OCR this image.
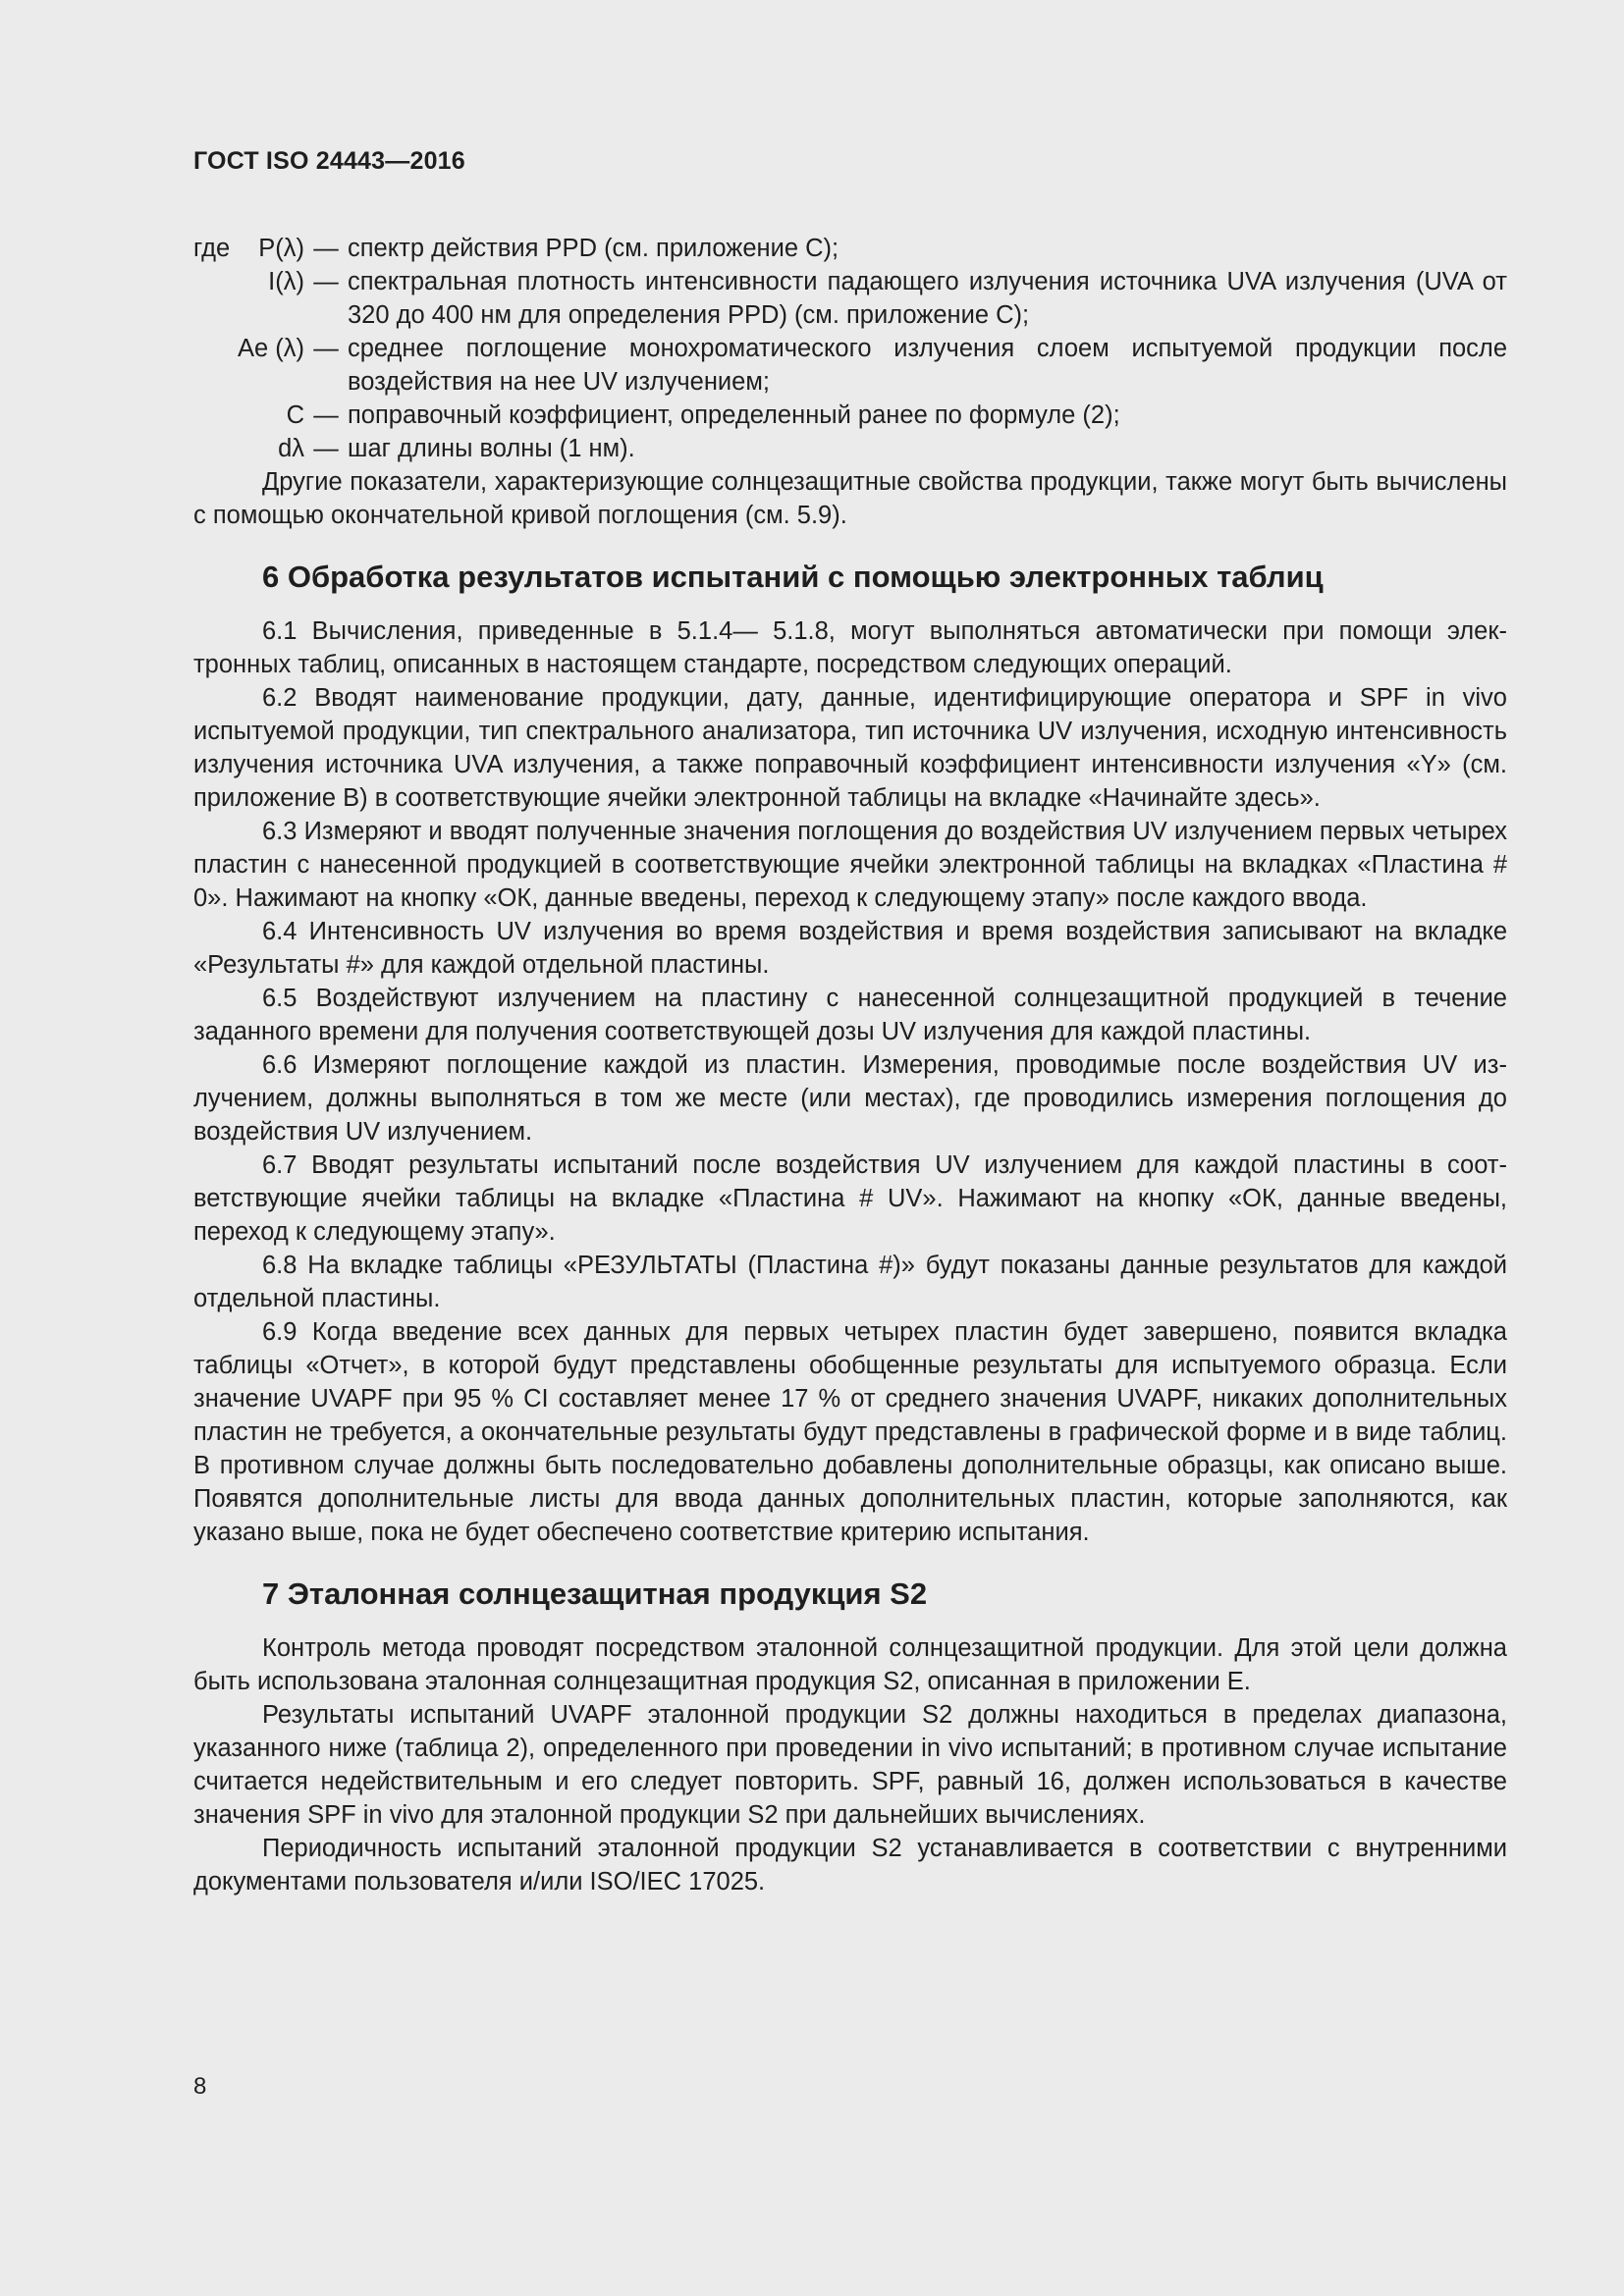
ГОСТ ISO 24443—2016
где P(λ) — спектр действия PPD (см. приложение С);
I(λ) — спектральная плотность интенсивности падающего излучения источника UVA излучения (UVA от 320 до 400 нм для определения PPD) (см. приложение С);
Ae (λ) — среднее поглощение монохроматического излучения слоем испытуемой продукции после воздействия на нее UV излучением;
С — поправочный коэффициент, определенный ранее по формуле (2);
dλ — шаг длины волны (1 нм).

Другие показатели, характеризующие солнцезащитные свойства продукции, также могут быть вычислены с помощью окончательной кривой поглощения (см. 5.9).

6 Обработка результатов испытаний с помощью электронных таблиц

6.1 Вычисления, приведенные в 5.1.4— 5.1.8, могут выполняться автоматически при помощи электронных таблиц, описанных в настоящем стандарте, посредством следующих операций.

6.2 Вводят наименование продукции, дату, данные, идентифицирующие оператора и SPF in vivo испытуемой продукции, тип спектрального анализатора, тип источника UV излучения, исходную интенсивность излучения источника UVA излучения, а также поправочный коэффициент интенсивности излучения «Y» (см. приложение В) в соответствующие ячейки электронной таблицы на вкладке «Начинайте здесь».

6.3 Измеряют и вводят полученные значения поглощения до воздействия UV излучением первых четырех пластин с нанесенной продукцией в соответствующие ячейки электронной таблицы на вкладках «Пластина # 0». Нажимают на кнопку «ОК, данные введены, переход к следующему этапу» после каждого ввода.

6.4 Интенсивность UV излучения во время воздействия и время воздействия записывают на вкладке «Результаты #» для каждой отдельной пластины.

6.5 Воздействуют излучением на пластину с нанесенной солнцезащитной продукцией в течение заданного времени для получения соответствующей дозы UV излучения для каждой пластины.

6.6 Измеряют поглощение каждой из пластин. Измерения, проводимые после воздействия UV излучением, должны выполняться в том же месте (или местах), где проводились измерения поглощения до воздействия UV излучением.

6.7 Вводят результаты испытаний после воздействия UV излучением для каждой пластины в соответствующие ячейки таблицы на вкладке «Пластина # UV». Нажимают на кнопку «ОК, данные введены, переход к следующему этапу».

6.8 На вкладке таблицы «РЕЗУЛЬТАТЫ (Пластина #)» будут показаны данные результатов для каждой отдельной пластины.

6.9 Когда введение всех данных для первых четырех пластин будет завершено, появится вкладка таблицы «Отчет», в которой будут представлены обобщенные результаты для испытуемого образца. Если значение UVAPF при 95 % CI составляет менее 17 % от среднего значения UVAPF, никаких дополнительных пластин не требуется, а окончательные результаты будут представлены в графической форме и в виде таблиц. В противном случае должны быть последовательно добавлены дополнительные образцы, как описано выше. Появятся дополнительные листы для ввода данных дополнительных пластин, которые заполняются, как указано выше, пока не будет обеспечено соответствие критерию испытания.

7 Эталонная солнцезащитная продукция S2

Контроль метода проводят посредством эталонной солнцезащитной продукции. Для этой цели должна быть использована эталонная солнцезащитная продукция S2, описанная в приложении Е.

Результаты испытаний UVAPF эталонной продукции S2 должны находиться в пределах диапазона, указанного ниже (таблица 2), определенного при проведении in vivo испытаний; в противном случае испытание считается недействительным и его следует повторить. SPF, равный 16, должен использоваться в качестве значения SPF in vivo для эталонной продукции S2 при дальнейших вычислениях.

Периодичность испытаний эталонной продукции S2 устанавливается в соответствии с внутренними документами пользователя и/или ISO/IEC 17025.

8
